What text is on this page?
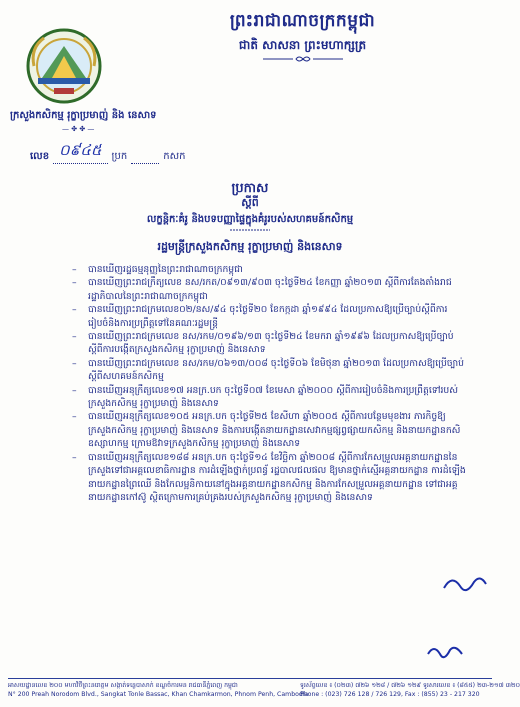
ព្រះរាជាណាចក្រកម្ពុជា
ជាតិ សាសនា ព្រះមហាក្សត្រ
ក្រសួងកសិកម្ម រុក្ខាប្រមាញ់ និង នេសាទ
— ✤ ✤ —
លេខ ០៩៤៥	ប្រក	កសក
ប្រកាស
ស្តីពី
លក្ខន្តិកៈគំរូ និងបទបញ្ញាផ្ទៃក្នុងគំរូរបស់សហគមន៍កសិកម្ម
រដ្ឋមន្ត្រីក្រសួងកសិកម្ម រុក្ខាប្រមាញ់ និងនេសាទ
– បានឃើញរដ្ឋធម្មនុញ្ញនៃព្រះរាជាណាចក្រកម្ពុជា
– បានឃើញព្រះរាជក្រឹត្យលេខ នស/រកត/០៩១៣/៩០៣ ចុះថ្ងៃទី២៤ ខែកញ្ញា ឆ្នាំ២០១៣ ស្តីពីការតែងតាំងរាជរដ្ឋាភិបាលនៃព្រះរាជាណាចក្រកម្ពុជា
– បានឃើញព្រះរាជក្រមលេខ០២/នស/៩៤ ចុះថ្ងៃទី២០ ខែកក្កដា ឆ្នាំ១៩៩៤ ដែលប្រកាសឱ្យប្រើច្បាប់ស្តីពីការរៀបចំនិងការប្រព្រឹត្តទៅនៃគណៈរដ្ឋមន្ត្រី
– បានឃើញព្រះរាជក្រមលេខ នស/រកម/០១៩៦/១៣ ចុះថ្ងៃទី២៤ ខែមករា ឆ្នាំ១៩៩៦ ដែលប្រកាសឱ្យប្រើច្បាប់ស្តីពីការបង្កើតក្រសួងកសិកម្ម រុក្ខាប្រមាញ់ និងនេសាទ
– បានឃើញព្រះរាជក្រមលេខ នស/រកម/០៦១៣/០០៨ ចុះថ្ងៃទី០៦ ខែមិថុនា ឆ្នាំ២០១៣ ដែលប្រកាសឱ្យប្រើច្បាប់ស្តីពីសហគមន៍កសិកម្ម
– បានឃើញអនុក្រឹត្យលេខ១៧ អនក្រ.បក ចុះថ្ងៃទី០៧ ខែមេសា ឆ្នាំ២០០០ ស្តីពីការរៀបចំនិងការប្រព្រឹត្តទៅរបស់ក្រសួងកសិកម្ម រុក្ខាប្រមាញ់ និងនេសាទ
– បានឃើញអនុក្រឹត្យលេខ១០៥ អនក្រ.បក ចុះថ្ងៃទី២៥ ខែសីហា ឆ្នាំ២០០៥ ស្តីពីការបន្ថែមមុខងារ ភារកិច្ចឱ្យក្រសួងកសិកម្ម រុក្ខាប្រមាញ់ និងនេសាទ និងការបង្កើតនាយកដ្ឋានសេវាកម្មផ្សព្វផ្សាយកសិកម្ម និងនាយកដ្ឋានកសិឧស្សាហកម្ម ក្រោមឱវាទក្រសួងកសិកម្ម រុក្ខាប្រមាញ់ និងនេសាទ
– បានឃើញអនុក្រឹត្យលេខ១៨៨ អនក្រ.បក ចុះថ្ងៃទី១៤ ខែវិច្ឆិកា ឆ្នាំ២០០៨ ស្តីពីការកែសម្រួលអគ្គនាយកដ្ឋាននៃក្រសួងទៅជាអគ្គលេខាធិការដ្ឋាន ការដំឡើងថ្នាក់ប្រពន្ធ័ រដ្ឋបាលជលផល ឱ្យមានថ្នាក់ស្មើអគ្គនាយកដ្ឋាន ការដំឡើងនាយកដ្ឋានព្រៃឈើ និងកែលម្អនិកាយនៅក្នុងអគ្គនាយកដ្ឋានកសិកម្ម និងការកែសម្រួលអគ្គនាយកដ្ឋាន ទៅជាអគ្គនាយកដ្ឋានកៅស៊ូ ស្ថិតក្រោមការគ្រប់គ្រងរបស់ក្រសួងកសិកម្ម រុក្ខាប្រមាញ់ និងនេសាទ
អាសយដ្ឋានលេខ ២០០ មហាវិថីព្រះនរោត្តម សង្កាត់ទន្លេបាសាក់ ខណ្ឌចំការមន រាជធានីភ្នំពេញ កម្ពុជា
N° 200 Preah Norodom Blvd., Sangkat Tonle Bassac, Khan Chamkarmon, Phnom Penh, Cambodia
ទូរស័ព្ទលេខ ៖ (០២៣) ៧២៦ ១២៨ / ៧២៦ ១២៩ ទូរសារលេខ ៖ (៨៥៥) ២៣-២១៧ ៣២០
Phone : (023) 726 128 / 726 129, Fax : (855) 23 - 217 320
